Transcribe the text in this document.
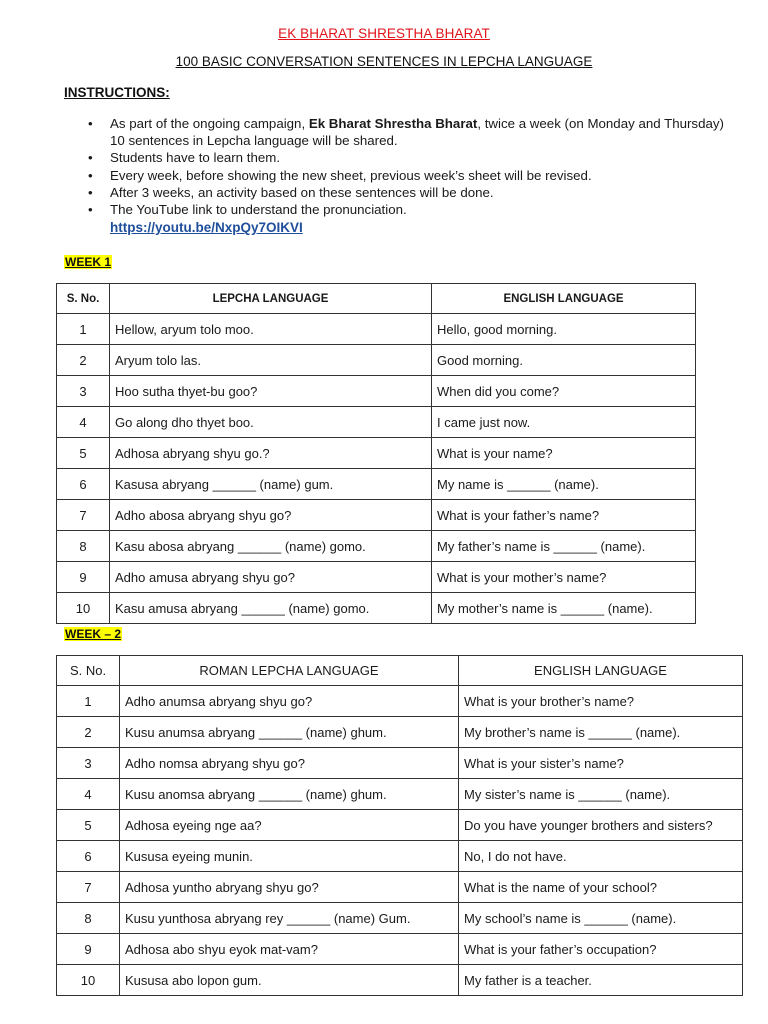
EK BHARAT SHRESTHA BHARAT
100 BASIC CONVERSATION SENTENCES IN LEPCHA LANGUAGE
INSTRUCTIONS:
• As part of the ongoing campaign, Ek Bharat Shrestha Bharat, twice a week (on Monday and Thursday) 10 sentences in Lepcha language will be shared.
• Students have to learn them.
• Every week, before showing the new sheet, previous week’s sheet will be revised.
• After 3 weeks, an activity based on these sentences will be done.
• The YouTube link to understand the pronunciation.
https://youtu.be/NxpQy7OIKVI
WEEK 1
S. No.	LEPCHA LANGUAGE	ENGLISH LANGUAGE
1	Hellow, aryum tolo moo.	Hello, good morning.
2	Aryum tolo las.	Good morning.
3	Hoo sutha thyet-bu goo?	When did you come?
4	Go along dho thyet boo.	I came just now.
5	Adhosa abryang shyu go.?	What is your name?
6	Kasusa abryang ______ (name) gum.	My name is ______ (name).
7	Adho abosa abryang shyu go?	What is your father’s name?
8	Kasu abosa abryang ______ (name) gomo.	My father’s name is ______ (name).
9	Adho amusa abryang shyu go?	What is your mother’s name?
10	Kasu amusa abryang ______ (name) gomo.	My mother’s name is ______ (name).
WEEK – 2
S. No.	ROMAN LEPCHA LANGUAGE	ENGLISH LANGUAGE
1	Adho anumsa abryang shyu go?	What is your brother’s name?
2	Kusu anumsa abryang ______ (name) ghum.	My brother’s name is ______ (name).
3	Adho nomsa abryang shyu go?	What is your sister’s name?
4	Kusu anomsa abryang ______ (name) ghum.	My sister’s name is ______ (name).
5	Adhosa eyeing nge aa?	Do you have younger brothers and sisters?
6	Kususa eyeing munin.	No, I do not have.
7	Adhosa yuntho abryang shyu go?	What is the name of your school?
8	Kusu yunthosa abryang rey ______ (name) Gum.	My school’s name is ______ (name).
9	Adhosa abo shyu eyok mat-vam?	What is your father’s occupation?
10	Kususa abo lopon gum.	My father is a teacher.
